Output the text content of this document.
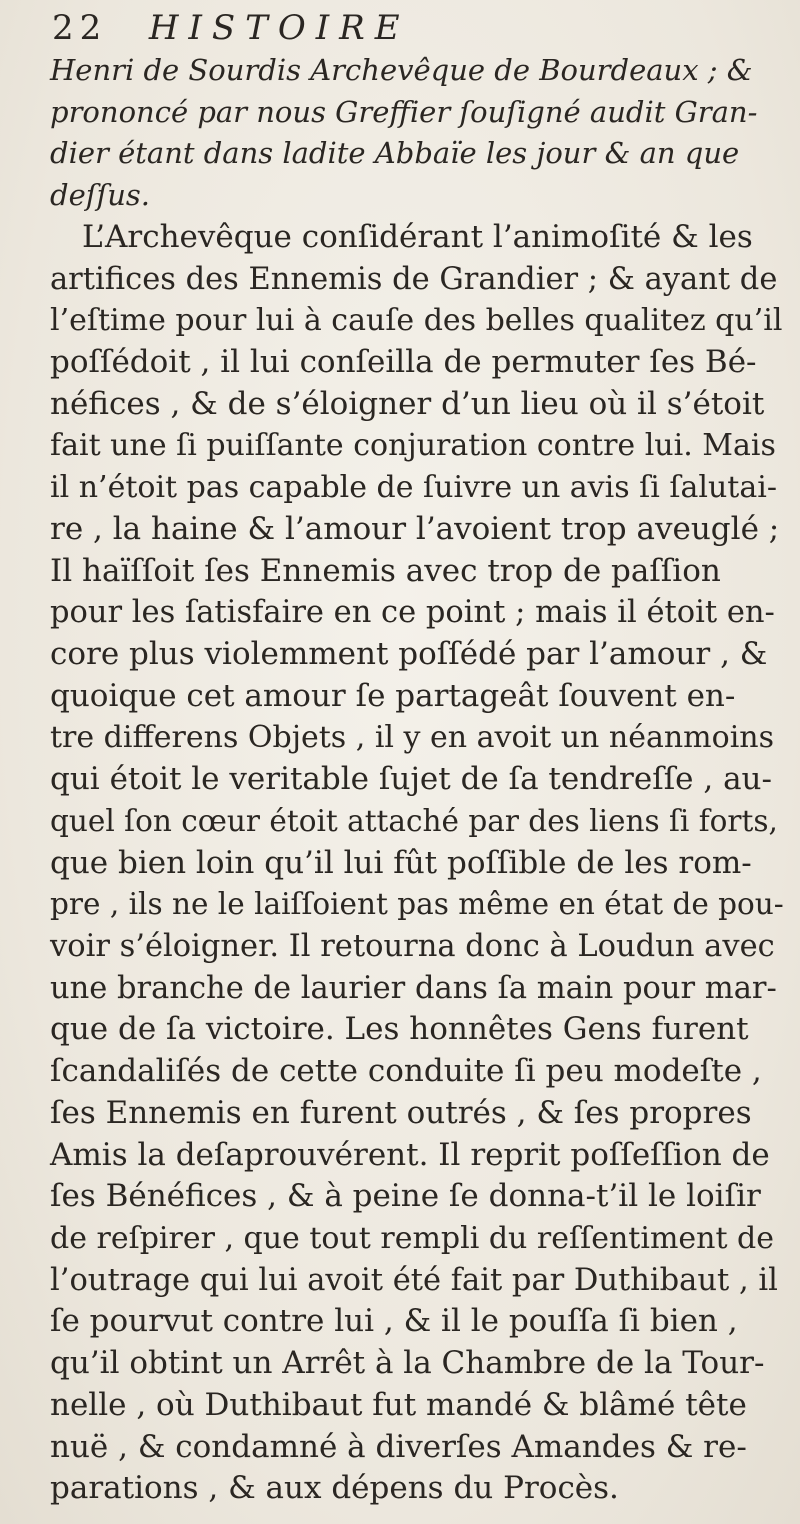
22 HISTOIRE
Henri de Sourdis Archevêque de Bourdeaux ; &
prononcé par nous Greffier ſouſigné audit Gran-
dier étant dans ladite Abbaïe les jour & an que
deſſus.
L’Archevêque conſidérant l’animoſité & les
artifices des Ennemis de Grandier ; & ayant de
l’eſtime pour lui à cauſe des belles qualitez qu’il
poſſédoit , il lui conſeilla de permuter ſes Bé-
néfices , & de s’éloigner d’un lieu où il s’étoit
fait une ſi puiſſante conjuration contre lui. Mais
il n’étoit pas capable de ſuivre un avis ſi ſalutai-
re , la haine & l’amour l’avoient trop aveuglé ;
Il haïſſoit ſes Ennemis avec trop de paſſion
pour les ſatisfaire en ce point ; mais il étoit en-
core plus violemment poſſédé par l’amour , &
quoique cet amour ſe partageât ſouvent en-
tre differens Objets , il y en avoit un néanmoins
qui étoit le veritable ſujet de ſa tendreſſe , au-
quel ſon cœur étoit attaché par des liens ſi forts,
que bien loin qu’il lui fût poſſible de les rom-
pre , ils ne le laiſſoient pas même en état de pou-
voir s’éloigner. Il retourna donc à Loudun avec
une branche de laurier dans ſa main pour mar-
que de ſa victoire. Les honnêtes Gens furent
ſcandaliſés de cette conduite ſi peu modeſte ,
ſes Ennemis en furent outrés , & ſes propres
Amis la deſaprouvérent. Il reprit poſſeſſion de
ſes Bénéfices , & à peine ſe donna-t’il le loiſir
de reſpirer , que tout rempli du reſſentiment de
l’outrage qui lui avoit été fait par Duthibaut , il
ſe pourvut contre lui , & il le pouſſa ſi bien ,
qu’il obtint un Arrêt à la Chambre de la Tour-
nelle , où Duthibaut fut mandé & blâmé tête
nuë , & condamné à diverſes Amandes & re-
parations , & aux dépens du Procès.
